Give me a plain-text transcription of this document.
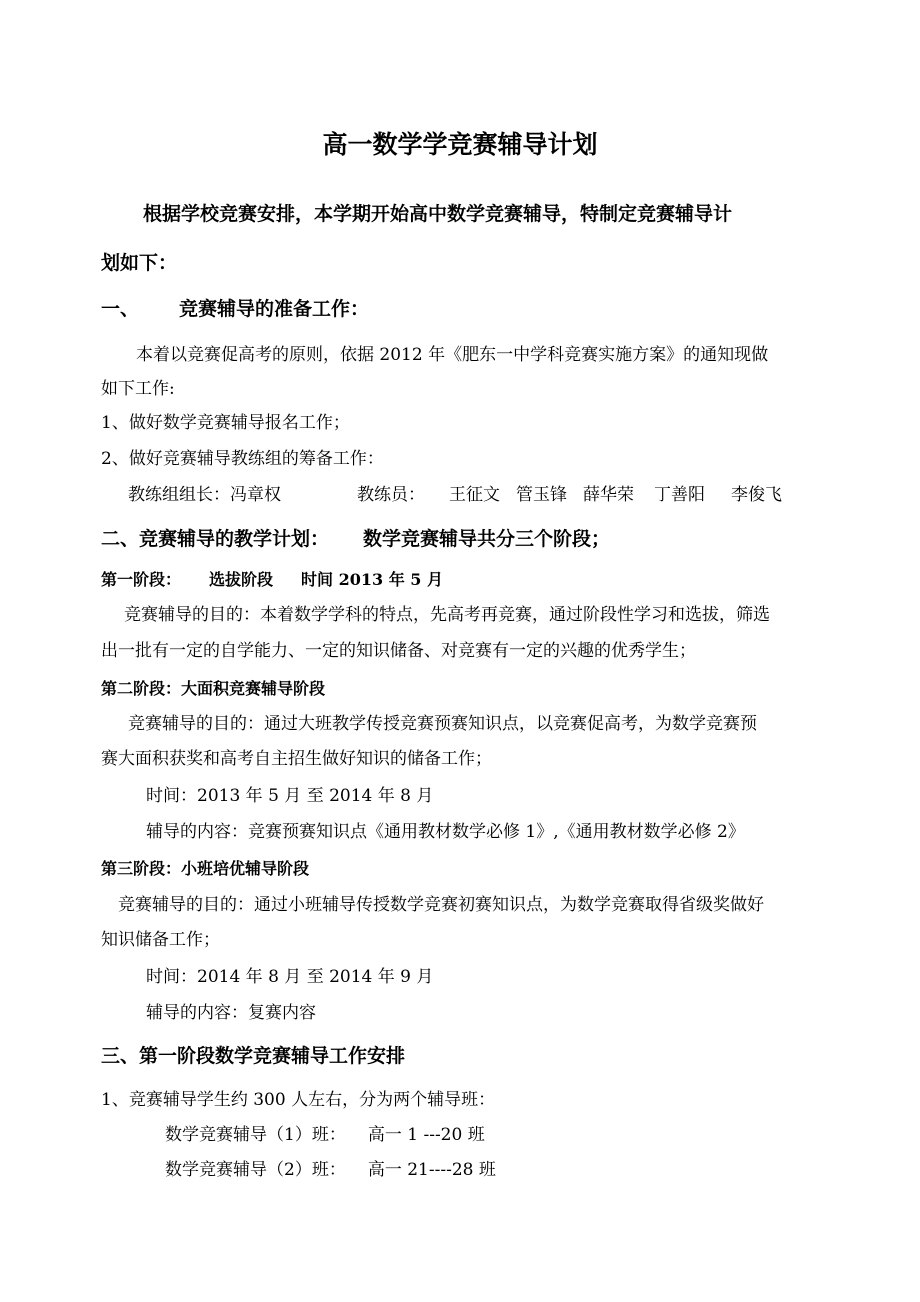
高一数学学竞赛辅导计划
根据学校竞赛安排，本学期开始高中数学竞赛辅导，特制定竞赛辅导计
划如下：
一、 竞赛辅导的准备工作：
本着以竞赛促高考的原则，依据 2012 年《肥东一中学科竞赛实施方案》的通知现做
如下工作:
1、做好数学竞赛辅导报名工作；
2、做好竞赛辅导教练组的筹备工作：
教练组组长：冯章权	教练员： 王征文 管玉锋 薛华荣 丁善阳 李俊飞
二、竞赛辅导的教学计划： 数学竞赛辅导共分三个阶段；
第一阶段： 选拔阶段 时间 2013 年 5 月
竞赛辅导的目的：本着数学学科的特点，先高考再竞赛，通过阶段性学习和选拔，筛选
出一批有一定的自学能力、一定的知识储备、对竞赛有一定的兴趣的优秀学生；
第二阶段：大面积竞赛辅导阶段
竞赛辅导的目的：通过大班教学传授竞赛预赛知识点，以竞赛促高考，为数学竞赛预
赛大面积获奖和高考自主招生做好知识的储备工作；
时间：2013 年 5 月 至 2014 年 8 月
辅导的内容：竞赛预赛知识点《通用教材数学必修 1》,《通用教材数学必修 2》
第三阶段：小班培优辅导阶段
竞赛辅导的目的：通过小班辅导传授数学竞赛初赛知识点，为数学竞赛取得省级奖做好
知识储备工作；
时间：2014 年 8 月 至 2014 年 9 月
辅导的内容：复赛内容
三、第一阶段数学竞赛辅导工作安排
1、竞赛辅导学生约 300 人左右，分为两个辅导班：
数学竞赛辅导（1）班： 高一 1 ---20 班
数学竞赛辅导（2）班： 高一 21----28 班
